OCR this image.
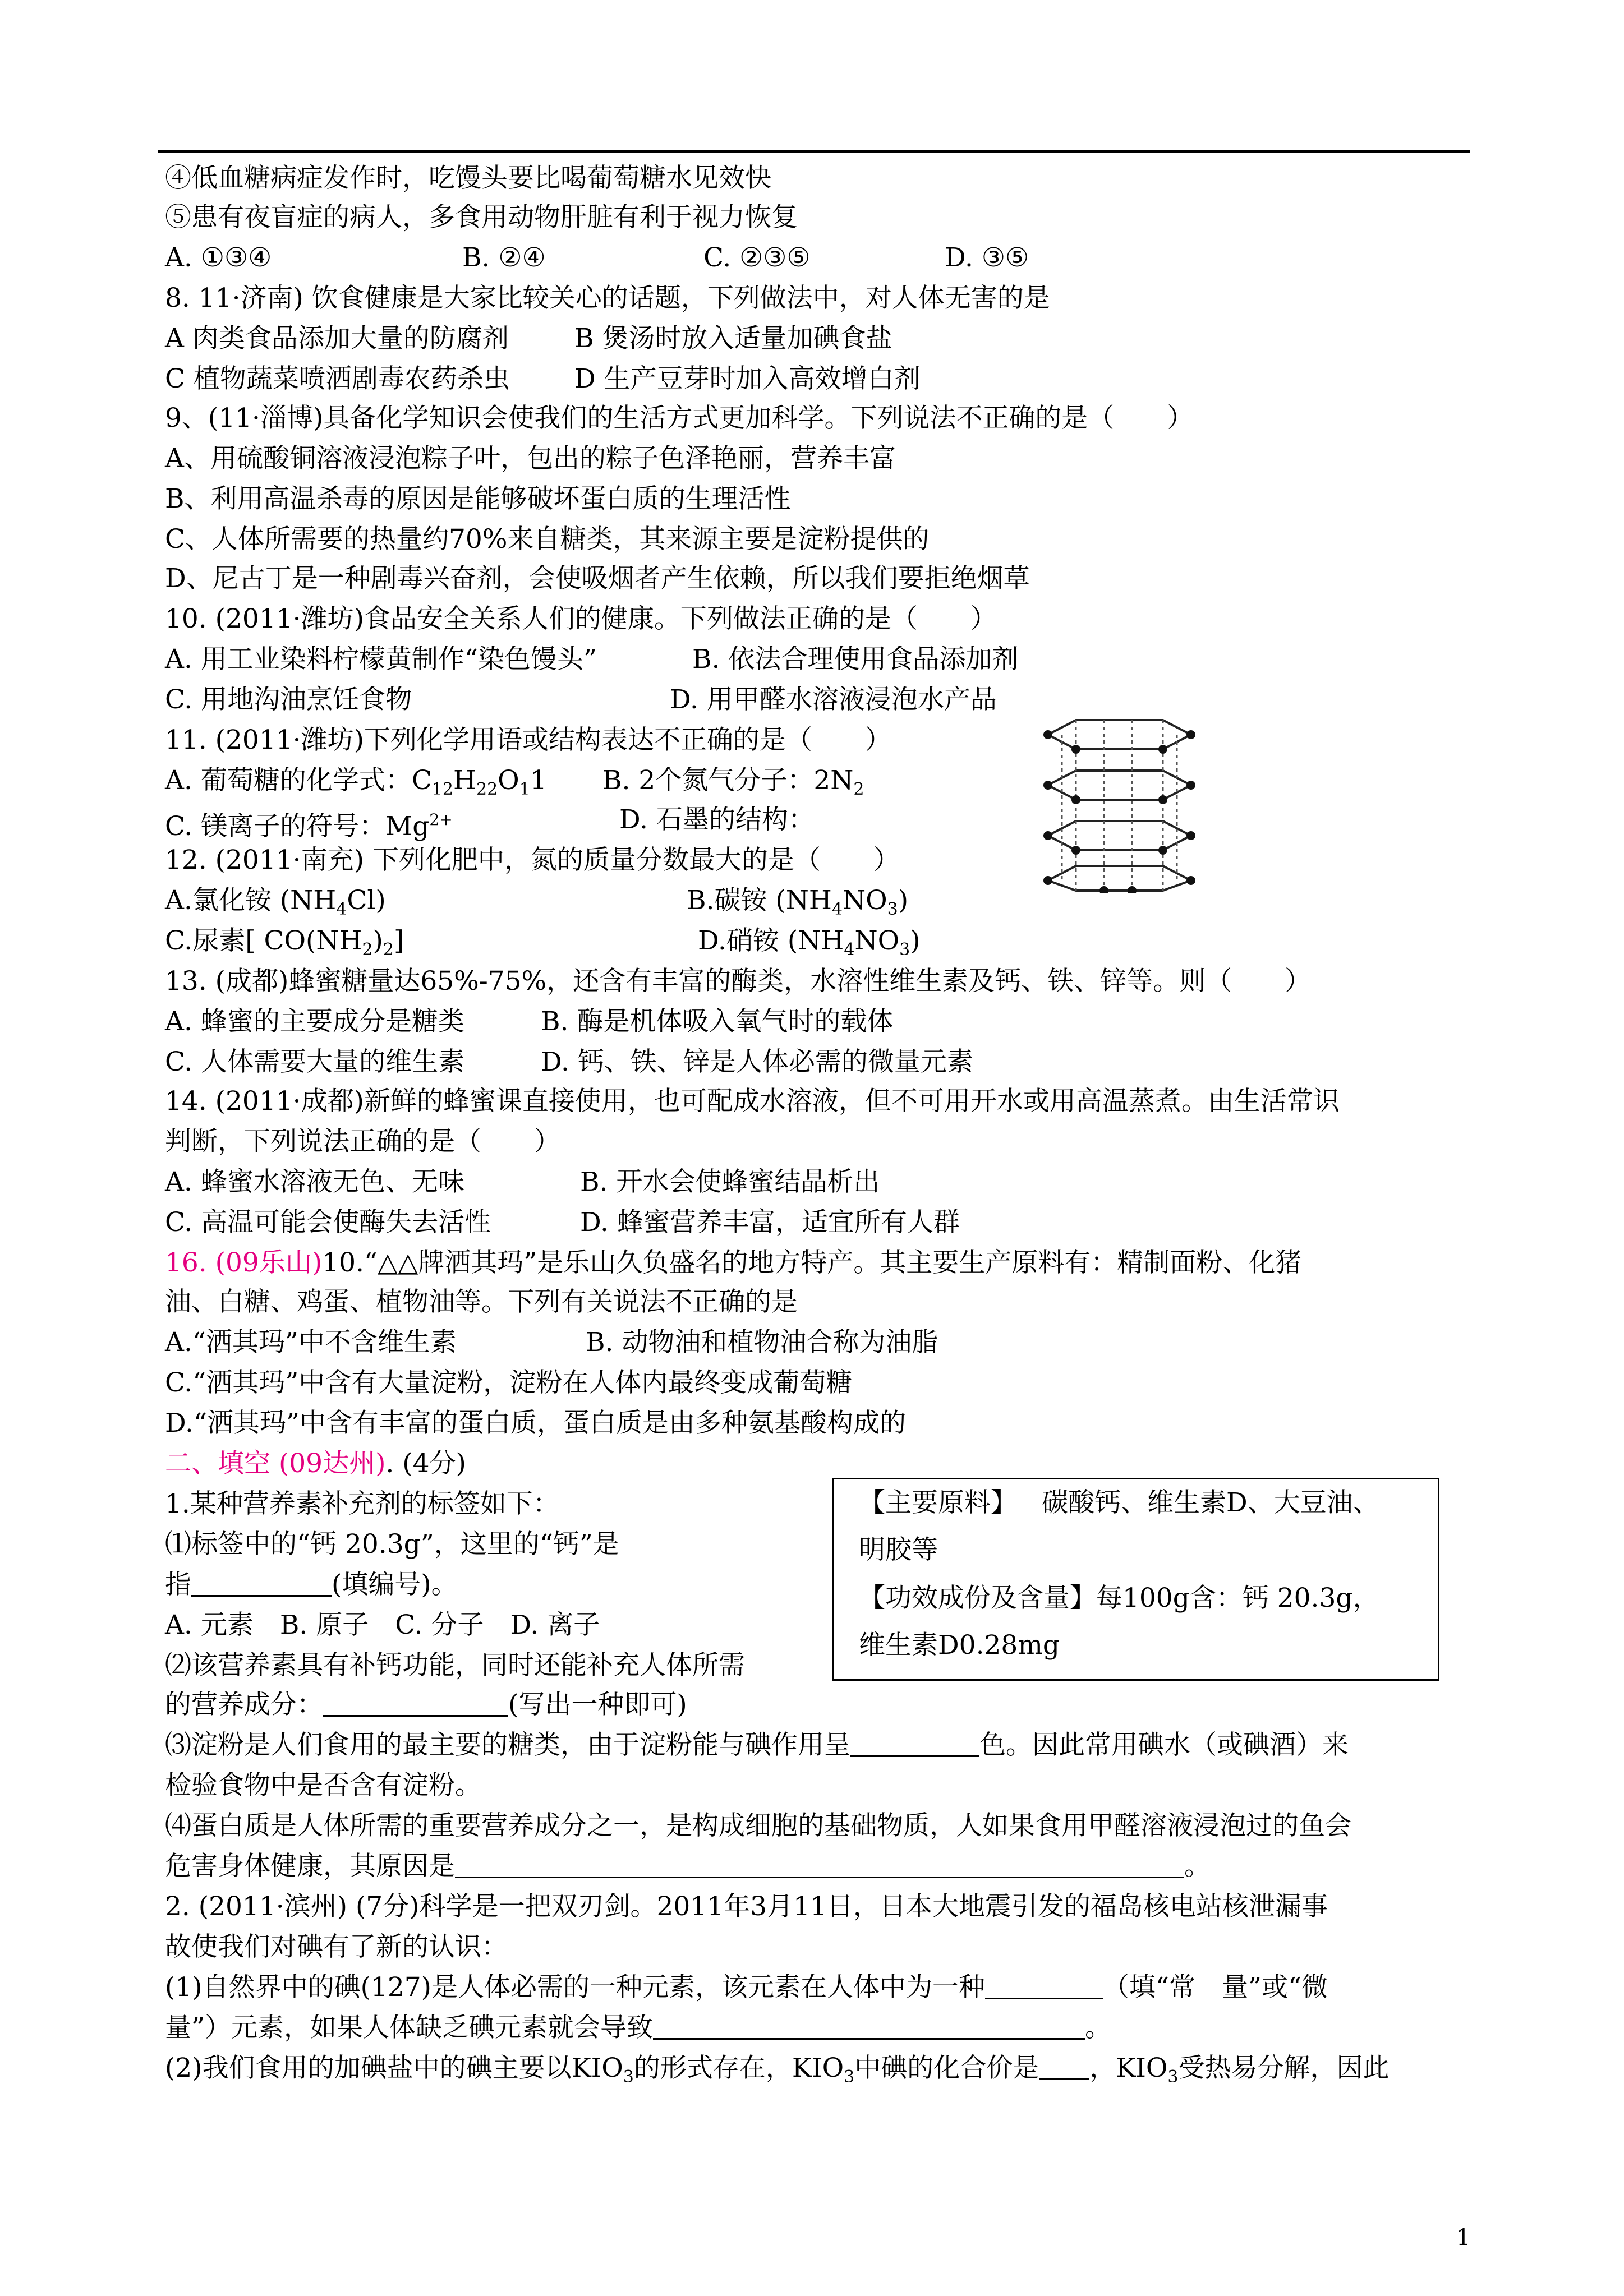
④低血糖病症发作时，吃馒头要比喝葡萄糖水见效快
⑤患有夜盲症的病人，多食用动物肝脏有利于视力恢复
A. ①③④	B. ②④	C. ②③⑤	D. ③⑤
8. 11·济南) 饮食健康是大家比较关心的话题，下列做法中，对人体无害的是
A 肉类食品添加大量的防腐剂 B 煲汤时放入适量加碘食盐
C 植物蔬菜喷洒剧毒农药杀虫 D 生产豆芽时加入高效增白剂
9、(11·淄博)具备化学知识会使我们的生活方式更加科学。下列说法不正确的是（　　）
A、用硫酸铜溶液浸泡粽子叶，包出的粽子色泽艳丽，营养丰富
B、利用高温杀毒的原因是能够破坏蛋白质的生理活性
C、人体所需要的热量约70%来自糖类，其来源主要是淀粉提供的
D、尼古丁是一种剧毒兴奋剂，会使吸烟者产生依赖，所以我们要拒绝烟草
10. (2011·潍坊)食品安全关系人们的健康。下列做法正确的是（　　）
A. 用工业染料柠檬黄制作“染色馒头”	B. 依法合理使用食品添加剂
C. 用地沟油烹饪食物	D. 用甲醛水溶液浸泡水产品
11. (2011·潍坊)下列化学用语或结构表达不正确的是（　　）
A. 葡萄糖的化学式：$C_{12}H_{22}O_11$ B. 2个氮气分子：$2N_2$
C. 镁离子的符号：$Mg^{2+}$	D. 石墨的结构：
12. (2011·南充) 下列化肥中，氮的质量分数最大的是（　　）
A.氯化铵 $(NH_4Cl)$	B.碳铵 $(NH_4NO_3)$
C.尿素[ $CO(NH_2)_2$]	D.硝铵 $(NH_4NO_3)$
13. (成都)蜂蜜糖量达65%-75%，还含有丰富的酶类，水溶性维生素及钙、铁、锌等。则（　　）
A. 蜂蜜的主要成分是糖类	B. 酶是机体吸入氧气时的载体
C. 人体需要大量的维生素	D. 钙、铁、锌是人体必需的微量元素
14. (2011·成都)新鲜的蜂蜜课直接使用，也可配成水溶液，但不可用开水或用高温蒸煮。由生活常识
判断，下列说法正确的是（　　）
A. 蜂蜜水溶液无色、无味	B. 开水会使蜂蜜结晶析出
C. 高温可能会使酶失去活性	D. 蜂蜜营养丰富，适宜所有人群
16. (09乐山)10.“△△牌洒其玛”是乐山久负盛名的地方特产。其主要生产原料有：精制面粉、化猪
油、白糖、鸡蛋、植物油等。下列有关说法不正确的是
A.“洒其玛”中不含维生素	B. 动物油和植物油合称为油脂
C.“洒其玛”中含有大量淀粉，淀粉在人体内最终变成葡萄糖
D.“洒其玛”中含有丰富的蛋白质，蛋白质是由多种氨基酸构成的
二、填空 (09达州). (4分)
1.某种营养素补充剂的标签如下：
⑴标签中的“钙 20.3g”，这里的“钙”是
指	(填编号)。
A. 元素　B. 原子　C. 分子　D. 离子
⑵该营养素具有补钙功能，同时还能补充人体所需
的营养成分：	(写出一种即可)
⑶淀粉是人们食用的最主要的糖类，由于淀粉能与碘作用呈	色。因此常用碘水（或碘酒）来
检验食物中是否含有淀粉。
⑷蛋白质是人体所需的重要营养成分之一，是构成细胞的基础物质，人如果食用甲醛溶液浸泡过的鱼会
危害身体健康，其原因是	。
2. (2011·滨州) (7分)科学是一把双刃剑。2011年3月11日，日本大地震引发的福岛核电站核泄漏事
故使我们对碘有了新的认识：
(1)自然界中的碘(127)是人体必需的一种元素，该元素在人体中为一种	（填“常　量”或“微
量”）元素，如果人体缺乏碘元素就会导致	。
(2)我们食用的加碘盐中的碘主要以$KIO_3$的形式存在，$KIO_3$中碘的化合价是 ，$KIO_3$受热易分解，因此
【主要原料】 碳酸钙、维生素D、大豆油、
明胶等
【功效成份及含量】每100g含：钙 20.3g，
维生素D0.28mg
1
